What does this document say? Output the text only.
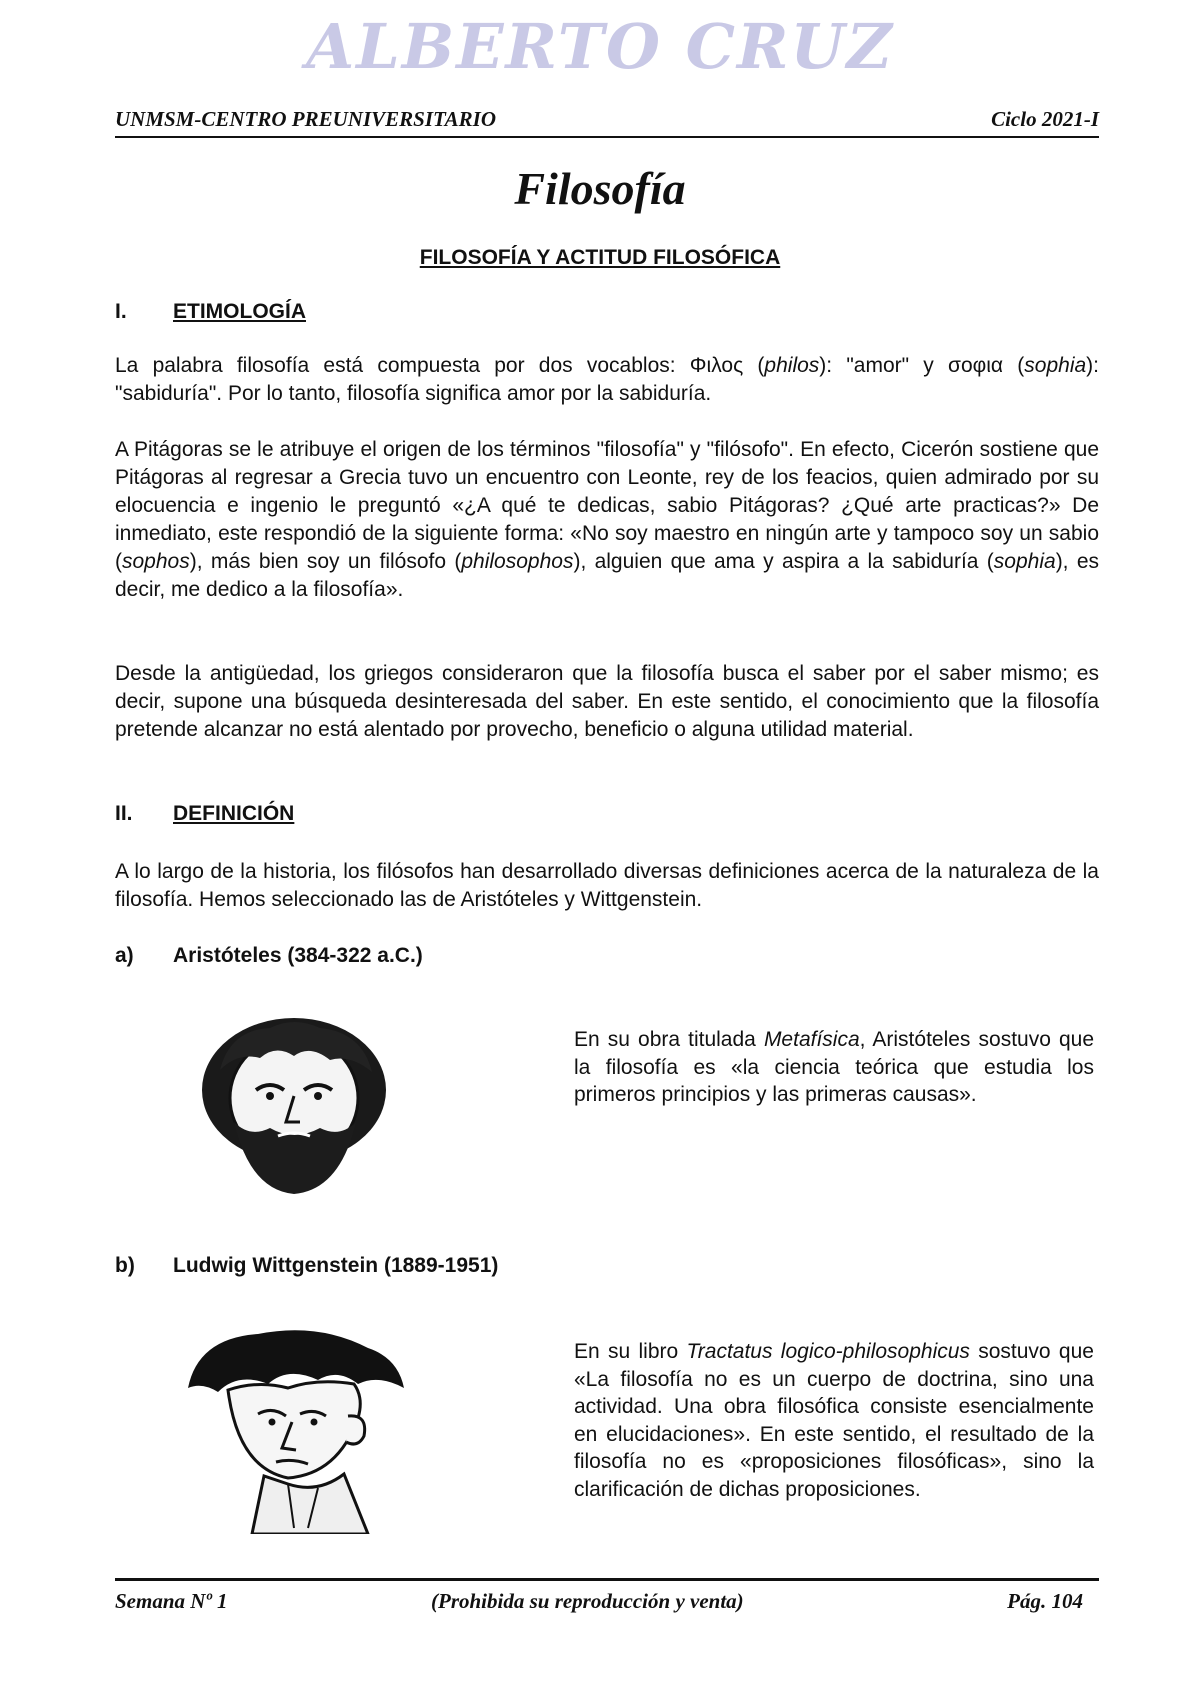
ALBERTO CRUZ
UNMSM-CENTRO PREUNIVERSITARIO	Ciclo 2021-I
Filosofía
FILOSOFÍA Y ACTITUD FILOSÓFICA
I. ETIMOLOGÍA

La palabra filosofía está compuesta por dos vocablos: Φιλος (philos): "amor" y σοφια (sophia): "sabiduría". Por lo tanto, filosofía significa amor por la sabiduría.

A Pitágoras se le atribuye el origen de los términos "filosofía" y "filósofo". En efecto, Cicerón sostiene que Pitágoras al regresar a Grecia tuvo un encuentro con Leonte, rey de los feacios, quien admirado por su elocuencia e ingenio le preguntó «¿A qué te dedicas, sabio Pitágoras? ¿Qué arte practicas?» De inmediato, este respondió de la siguiente forma: «No soy maestro en ningún arte y tampoco soy un sabio (sophos), más bien soy un filósofo (philosophos), alguien que ama y aspira a la sabiduría (sophia), es decir, me dedico a la filosofía».

Desde la antigüedad, los griegos consideraron que la filosofía busca el saber por el saber mismo; es decir, supone una búsqueda desinteresada del saber. En este sentido, el conocimiento que la filosofía pretende alcanzar no está alentado por provecho, beneficio o alguna utilidad material.

II. DEFINICIÓN

A lo largo de la historia, los filósofos han desarrollado diversas definiciones acerca de la naturaleza de la filosofía. Hemos seleccionado las de Aristóteles y Wittgenstein.

a) Aristóteles (384-322 a.C.)

En su obra titulada Metafísica, Aristóteles sostuvo que la filosofía es «la ciencia teórica que estudia los primeros principios y las primeras causas».

b) Ludwig Wittgenstein (1889-1951)

En su libro Tractatus logico-philosophicus sostuvo que «La filosofía no es un cuerpo de doctrina, sino una actividad. Una obra filosófica consiste esencialmente en elucidaciones». En este sentido, el resultado de la filosofía no es «proposiciones filosóficas», sino la clarificación de dichas proposiciones.

Semana Nº 1	(Prohibida su reproducción y venta)	Pág. 104
